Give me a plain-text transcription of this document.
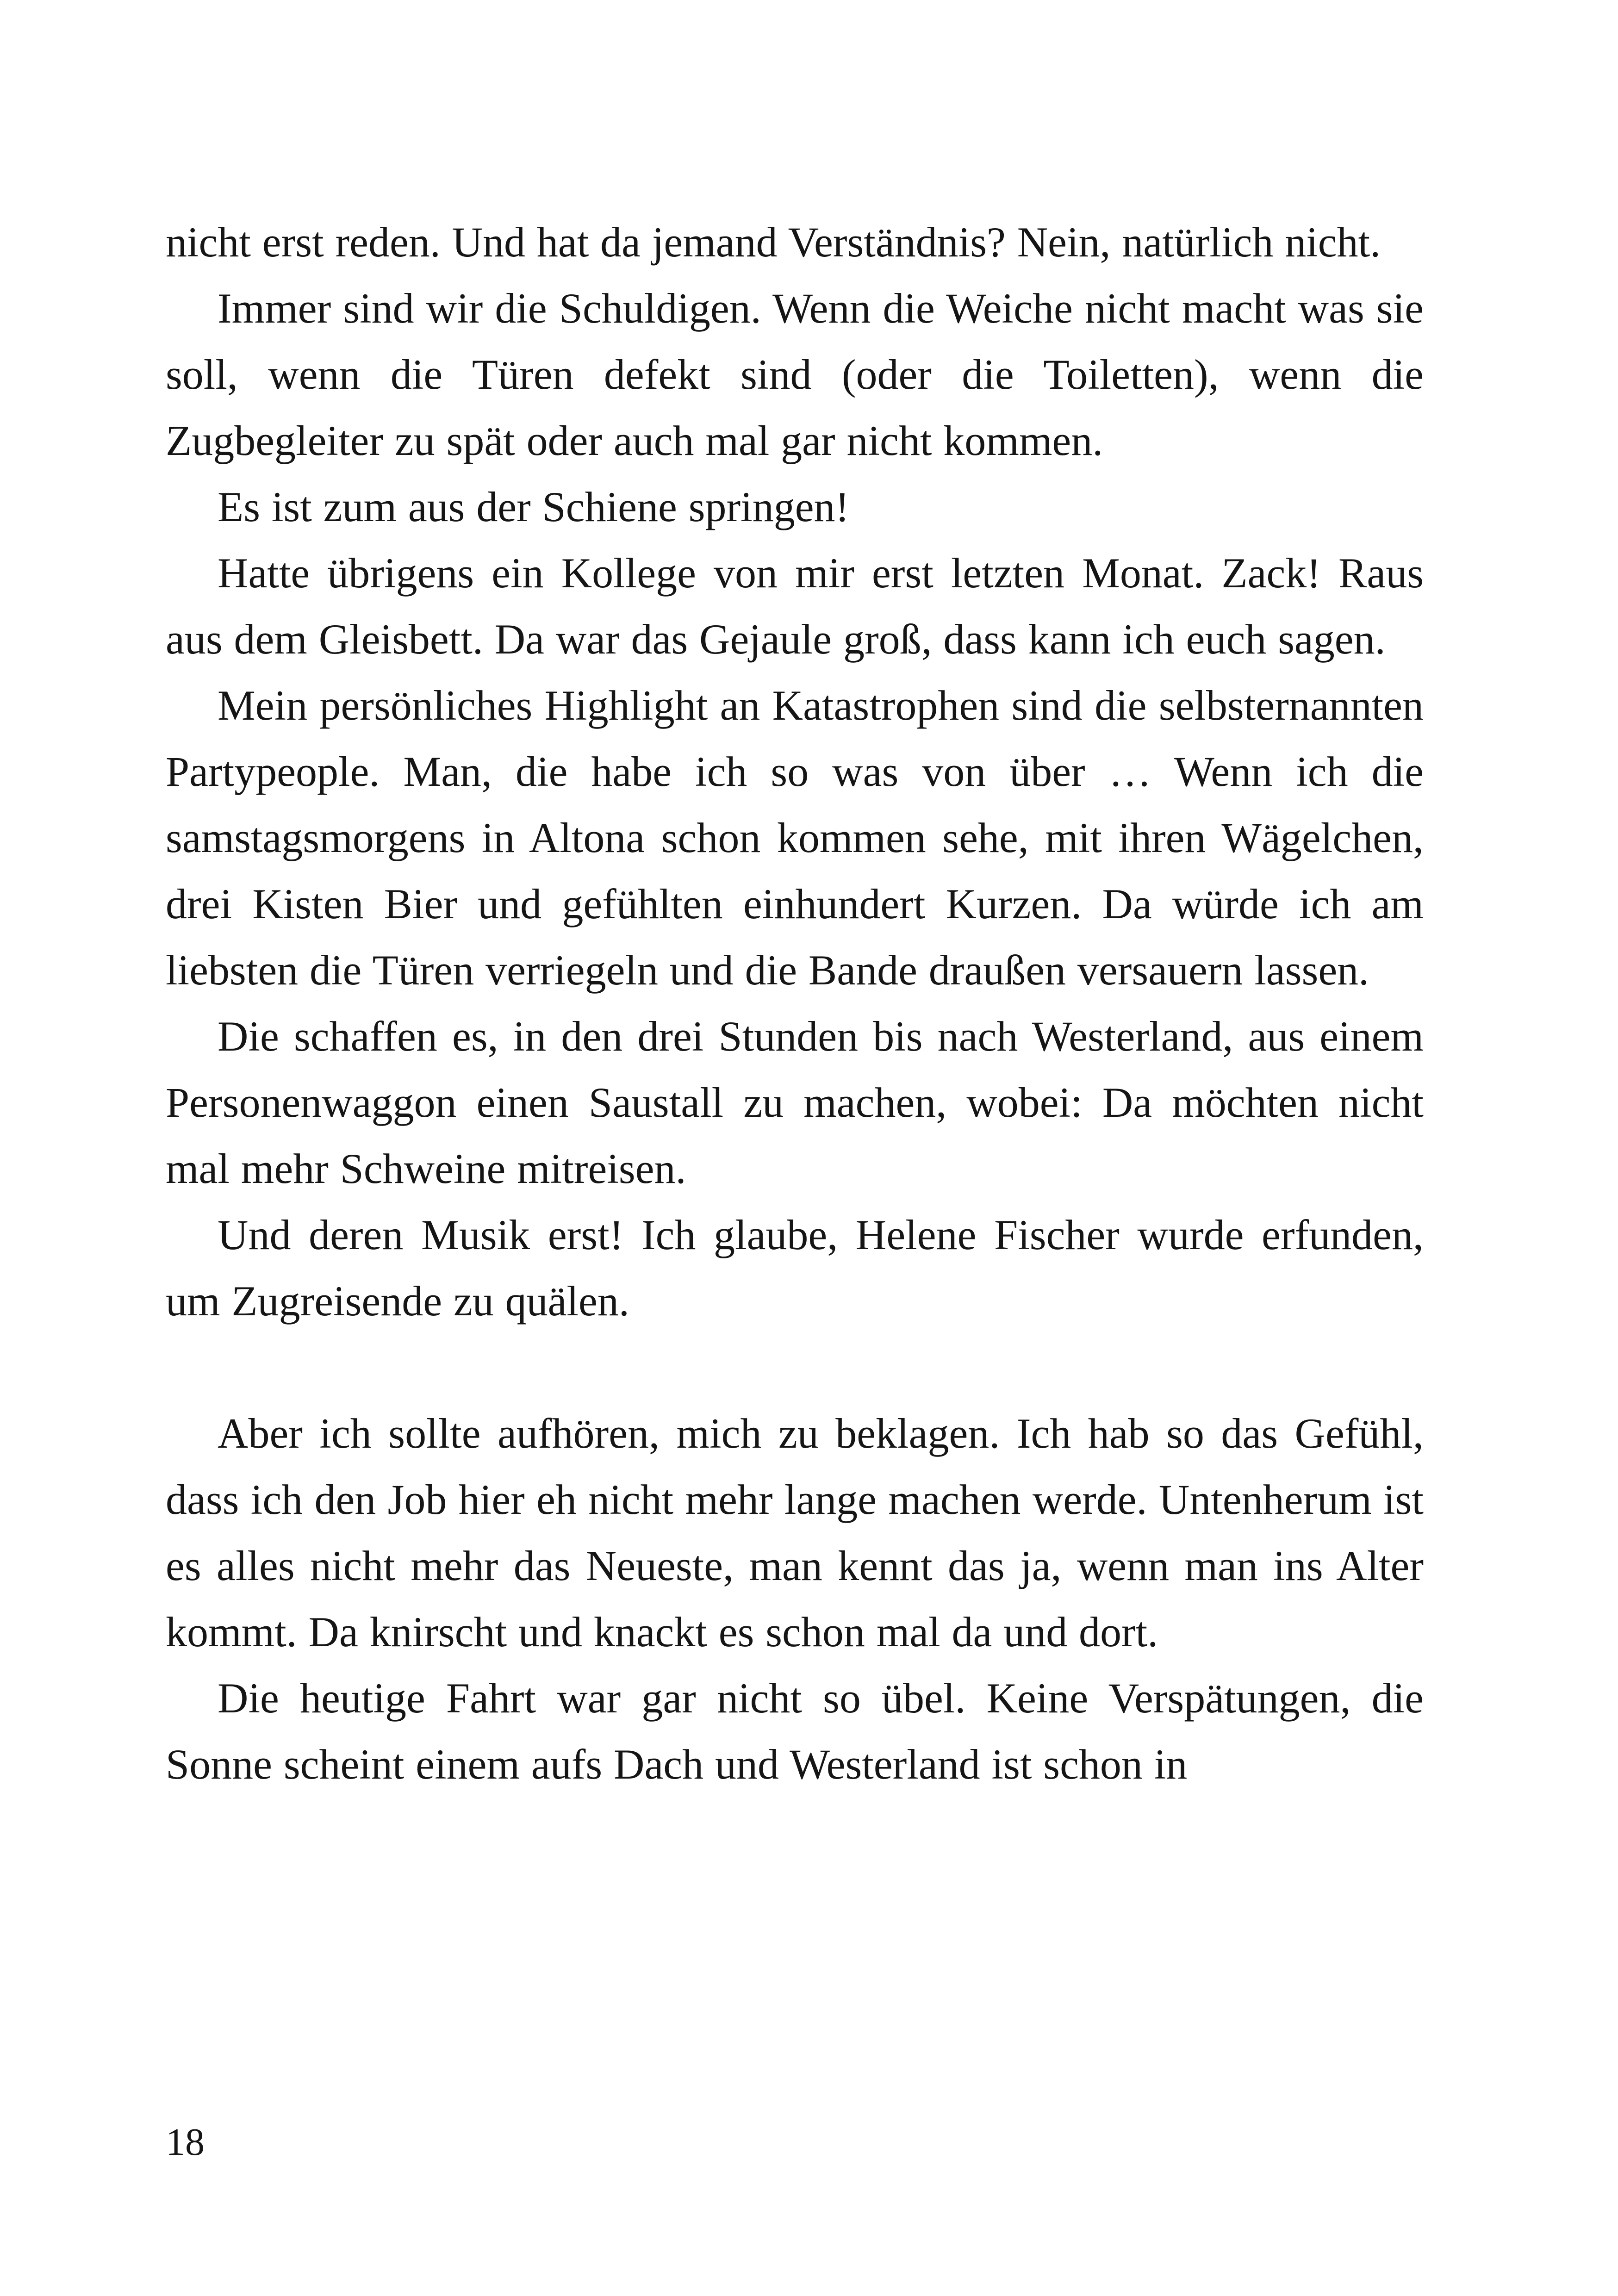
nicht erst reden. Und hat da jemand Verständnis? Nein, natürlich nicht.

Immer sind wir die Schuldigen. Wenn die Weiche nicht macht was sie soll, wenn die Türen defekt sind (oder die Toiletten), wenn die Zugbegleiter zu spät oder auch mal gar nicht kommen.

Es ist zum aus der Schiene springen!

Hatte übrigens ein Kollege von mir erst letzten Monat. Zack! Raus aus dem Gleisbett. Da war das Gejaule groß, dass kann ich euch sagen.

Mein persönliches Highlight an Katastrophen sind die selbsternannten Partypeople. Man, die habe ich so was von über … Wenn ich die samstagsmorgens in Altona schon kommen sehe, mit ihren Wägelchen, drei Kisten Bier und gefühlten einhundert Kurzen. Da würde ich am liebsten die Türen verriegeln und die Bande draußen versauern lassen.

Die schaffen es, in den drei Stunden bis nach Westerland, aus einem Personenwaggon einen Saustall zu machen, wobei: Da möchten nicht mal mehr Schweine mitreisen.

Und deren Musik erst! Ich glaube, Helene Fischer wurde erfunden, um Zugreisende zu quälen.

Aber ich sollte aufhören, mich zu beklagen. Ich hab so das Gefühl, dass ich den Job hier eh nicht mehr lange machen werde. Untenherum ist es alles nicht mehr das Neueste, man kennt das ja, wenn man ins Alter kommt. Da knirscht und knackt es schon mal da und dort.

Die heutige Fahrt war gar nicht so übel. Keine Verspätungen, die Sonne scheint einem aufs Dach und Westerland ist schon in

18
